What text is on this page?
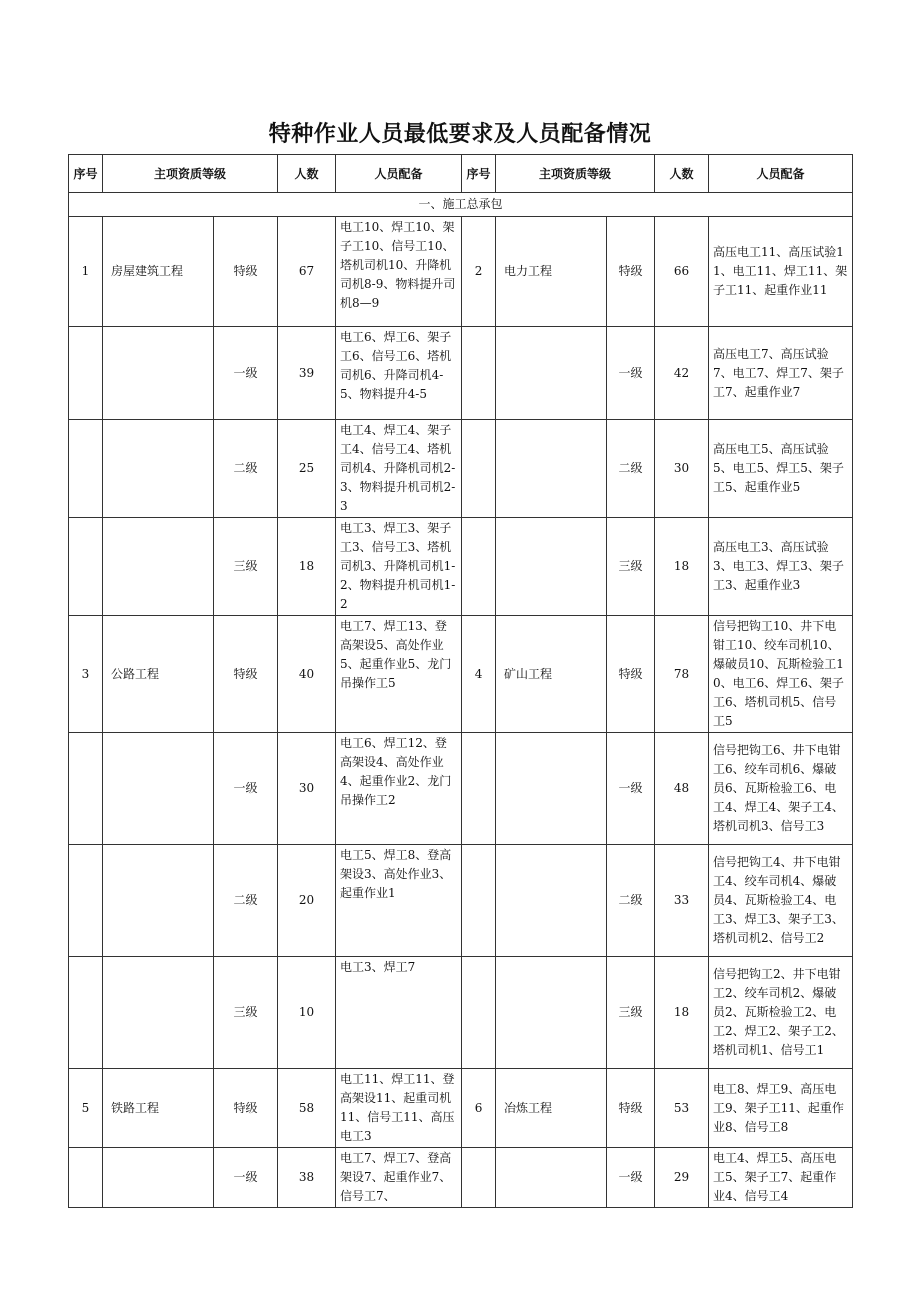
特种作业人员最低要求及人员配备情况
序号	主项资质等级		人数	人员配备	序号	主项资质等级		人数	人员配备
一、施工总承包									
1	房屋建筑工程	特级	67	电工10、焊工10、架子工10、信号工10、塔机司机10、升降机司机8-9、物料提升司机8—9	2	电力工程	特级	66	高压电工11、高压试验11、电工11、焊工11、架子工11、起重作业11
		一级	39	电工6、焊工6、架子工6、信号工6、塔机司机6、升降司机4-5、物料提升4-5			一级	42	高压电工7、高压试验7、电工7、焊工7、架子工7、起重作业7
		二级	25	电工4、焊工4、架子工4、信号工4、塔机司机4、升降机司机2-3、物料提升机司机2-3			二级	30	高压电工5、高压试验5、电工5、焊工5、架子工5、起重作业5
		三级	18	电工3、焊工3、架子工3、信号工3、塔机司机3、升降机司机1-2、物料提升机司机1-2			三级	18	高压电工3、高压试验3、电工3、焊工3、架子工3、起重作业3
3	公路工程	特级	40	电工7、焊工13、登高架设5、高处作业5、起重作业5、龙门吊操作工5	4	矿山工程	特级	78	信号把钩工10、井下电钳工10、绞车司机10、爆破员10、瓦斯检验工10、电工6、焊工6、架子工6、塔机司机5、信号工5
		一级	30	电工6、焊工12、登高架设4、高处作业4、起重作业2、龙门吊操作工2			一级	48	信号把钩工6、井下电钳工6、绞车司机6、爆破员6、瓦斯检验工6、电工4、焊工4、架子工4、塔机司机3、信号工3
		二级	20	电工5、焊工8、登高架设3、高处作业3、起重作业1			二级	33	信号把钩工4、井下电钳工4、绞车司机4、爆破员4、瓦斯检验工4、电工3、焊工3、架子工3、塔机司机2、信号工2
		三级	10	电工3、焊工7			三级	18	信号把钩工2、井下电钳工2、绞车司机2、爆破员2、瓦斯检验工2、电工2、焊工2、架子工2、塔机司机1、信号工1
5	铁路工程	特级	58	电工11、焊工11、登高架设11、起重司机11、信号工11、高压电工3	6	冶炼工程	特级	53	电工8、焊工9、高压电工9、架子工11、起重作业8、信号工8
		一级	38	电工7、焊工7、登高架设7、起重作业7、信号工7、			一级	29	电工4、焊工5、高压电工5、架子工7、起重作业4、信号工4
